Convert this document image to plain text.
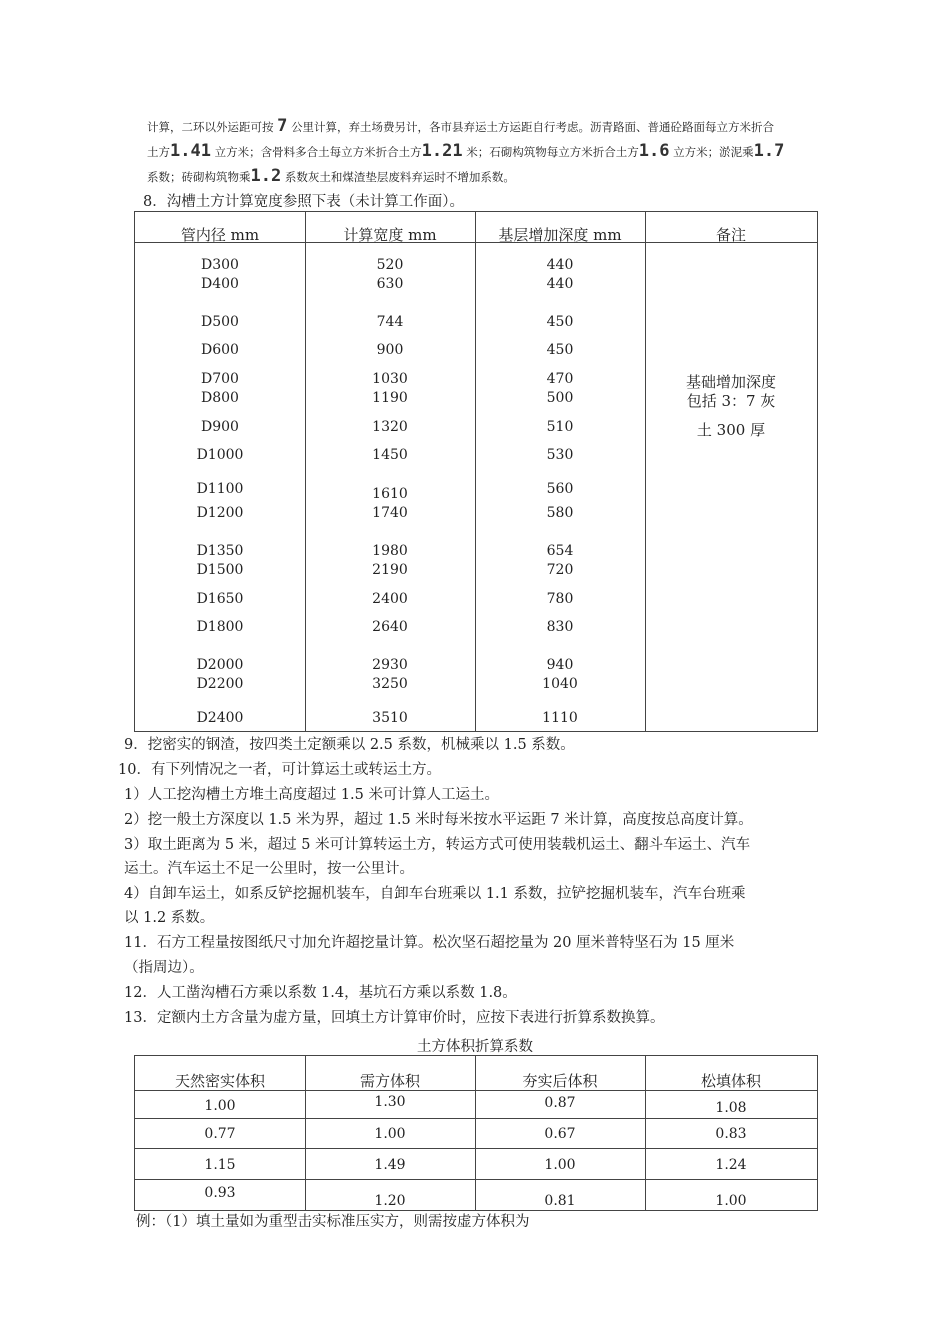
计算，二环以外运距可按 7 公里计算，弃土场费另计，各市县弃运土方运距自行考虑。沥青路面、普通砼路面每立方米折合
土方1.41 立方米；含骨料多合土每立方米折合土方1.21 米；石砌构筑物每立方米折合土方1.6 立方米；淤泥乘1.7
系数；砖砌构筑物乘1.2 系数灰土和煤渣垫层废料弃运时不增加系数。
8．沟槽土方计算宽度参照下表（未计算工作面）。
管内径 mm	计算宽度 mm	基层增加深度 mm	备注
D300	520	440
D400	630	440
D500	744	450
D600	900	450
D700	1030	470
D800	1190	500
D900	1320	510
D1000	1450	530
D1100	1610	560
D1200	1740	580
D1350	1980	654
D1500	2190	720
D1650	2400	780
D1800	2640	830
D2000	2930	940
D2200	3250	1040
D2400	3510	1110
基础增加深度
包括 3：7 灰
土 300 厚
9．挖密实的钢渣，按四类土定额乘以 2.5 系数，机械乘以 1.5 系数。
10．有下列情况之一者，可计算运土或转运土方。
1）人工挖沟槽土方堆土高度超过 1.5 米可计算人工运土。
2）挖一般土方深度以 1.5 米为界，超过 1.5 米时每米按水平运距 7 米计算，高度按总高度计算。
3）取土距离为 5 米，超过 5 米可计算转运土方，转运方式可使用装载机运土、翻斗车运土、汽车
运土。汽车运土不足一公里时，按一公里计。
4）自卸车运土，如系反铲挖掘机装车，自卸车台班乘以 1.1 系数，拉铲挖掘机装车，汽车台班乘
以 1.2 系数。
11．石方工程量按图纸尺寸加允许超挖量计算。松次坚石超挖量为 20 厘米普特坚石为 15 厘米
（指周边）。
12．人工凿沟槽石方乘以系数 1.4，基坑石方乘以系数 1.8。
13．定额内土方含量为虚方量，回填土方计算审价时，应按下表进行折算系数换算。
土方体积折算系数
天然密实体积	需方体积	夯实后体积	松填体积
1.00	1.30	0.87	1.08
0.77	1.00	0.67	0.83
1.15	1.49	1.00	1.24
0.93	1.20	0.81	1.00
例：（1）填土量如为重型击实标准压实方，则需按虚方体积为
